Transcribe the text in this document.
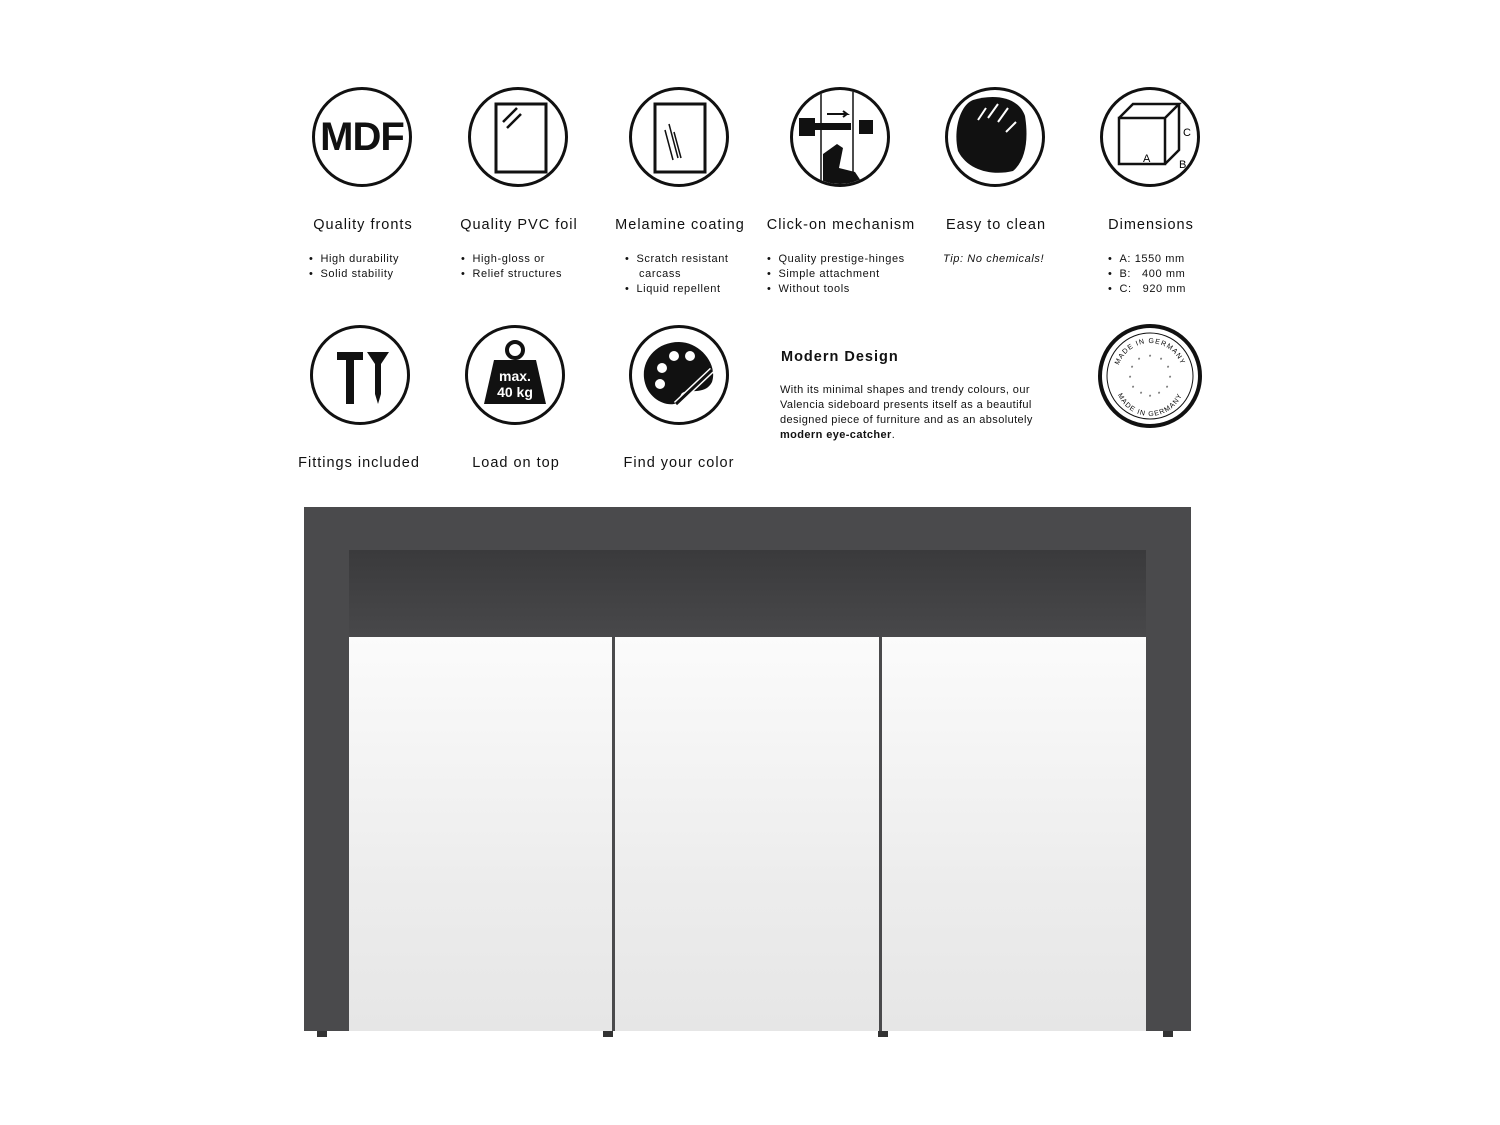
MDF
A	B
C
Quality fronts	Quality PVC foil	Melamine coating	Click-on mechanism	Easy to clean	Dimensions
• High durability
• Solid stability
• High-gloss or
• Relief structures
• Scratch resistant
carcass
• Liquid repellent
• Quality prestige-hinges
• Simple attachment
• Without tools
Tip: No chemicals!	• A: 1550 mm
• B:   400 mm
• C:   920 mm
max.
40 kg
Fittings included	Load on top	Find your color
Modern Design

With its minimal shapes and trendy colours, our Valencia sideboard presents itself as a beautiful designed piece of furniture and as an absolutely modern eye-catcher.

MADE IN GERMANY
MADE IN GERMANY
* *
*
*
*
*
*
*
*
*
*
*
